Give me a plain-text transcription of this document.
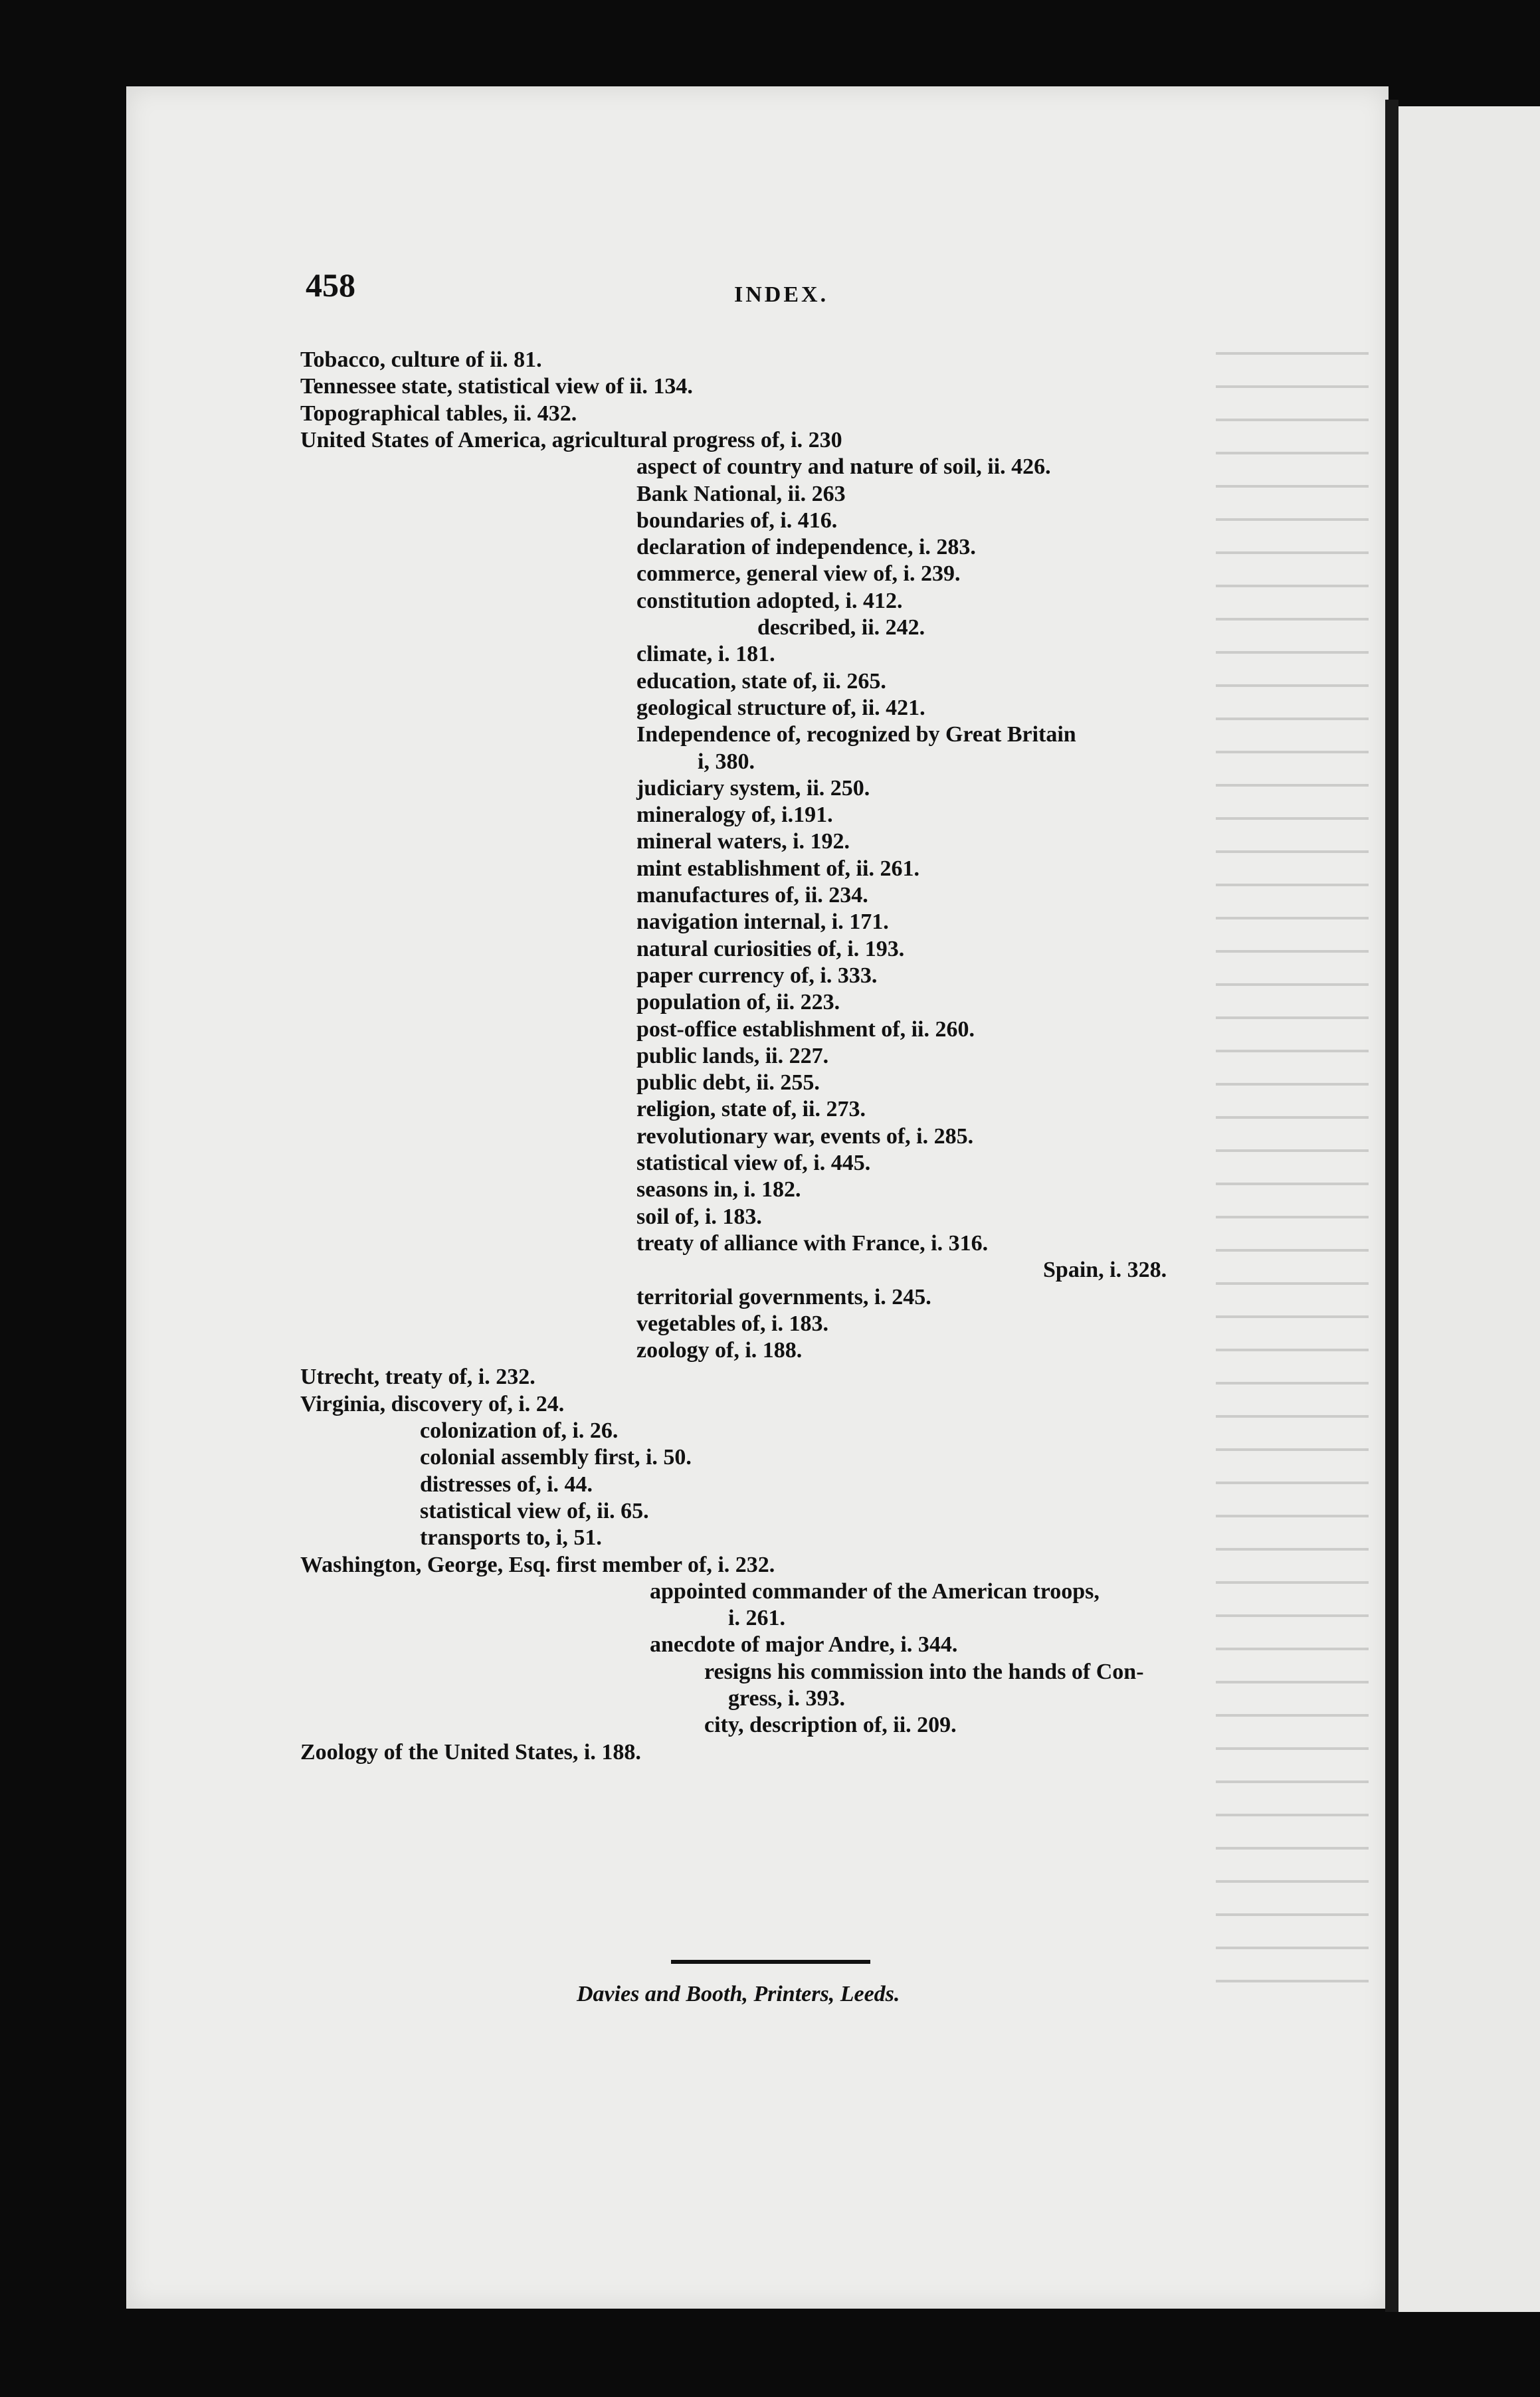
458	INDEX.
Tobacco, culture of ii. 81.
Tennessee state, statistical view of ii. 134.
Topographical tables, ii. 432.
United States of America, agricultural progress of, i. 230
aspect of country and nature of soil, ii. 426.
Bank National, ii. 263
boundaries of, i. 416.
declaration of independence, i. 283.
commerce, general view of, i. 239.
constitution adopted, i. 412.
described, ii. 242.
climate, i. 181.
education, state of, ii. 265.
geological structure of, ii. 421.
Independence of, recognized by Great Britain
i, 380.
judiciary system, ii. 250.
mineralogy of, i.191.
mineral waters, i. 192.
mint establishment of, ii. 261.
manufactures of, ii. 234.
navigation internal, i. 171.
natural curiosities of, i. 193.
paper currency of, i. 333.
population of, ii. 223.
post-office establishment of, ii. 260.
public lands, ii. 227.
public debt, ii. 255.
religion, state of, ii. 273.
revolutionary war, events of, i. 285.
statistical view of, i. 445.
seasons in, i. 182.
soil of, i. 183.
treaty of alliance with France, i. 316.
Spain, i. 328.
territorial governments, i. 245.
vegetables of, i. 183.
zoology of, i. 188.
Utrecht, treaty of, i. 232.
Virginia, discovery of, i. 24.
colonization of, i. 26.
colonial assembly first, i. 50.
distresses of, i. 44.
statistical view of, ii. 65.
transports to, i, 51.
Washington, George, Esq. first member of, i. 232.
appointed commander of the American troops,
i. 261.
anecdote of major Andre, i. 344.
resigns his commission into the hands of Con-
gress, i. 393.
city, description of, ii. 209.
Zoology of the United States, i. 188.
Davies and Booth, Printers, Leeds.
